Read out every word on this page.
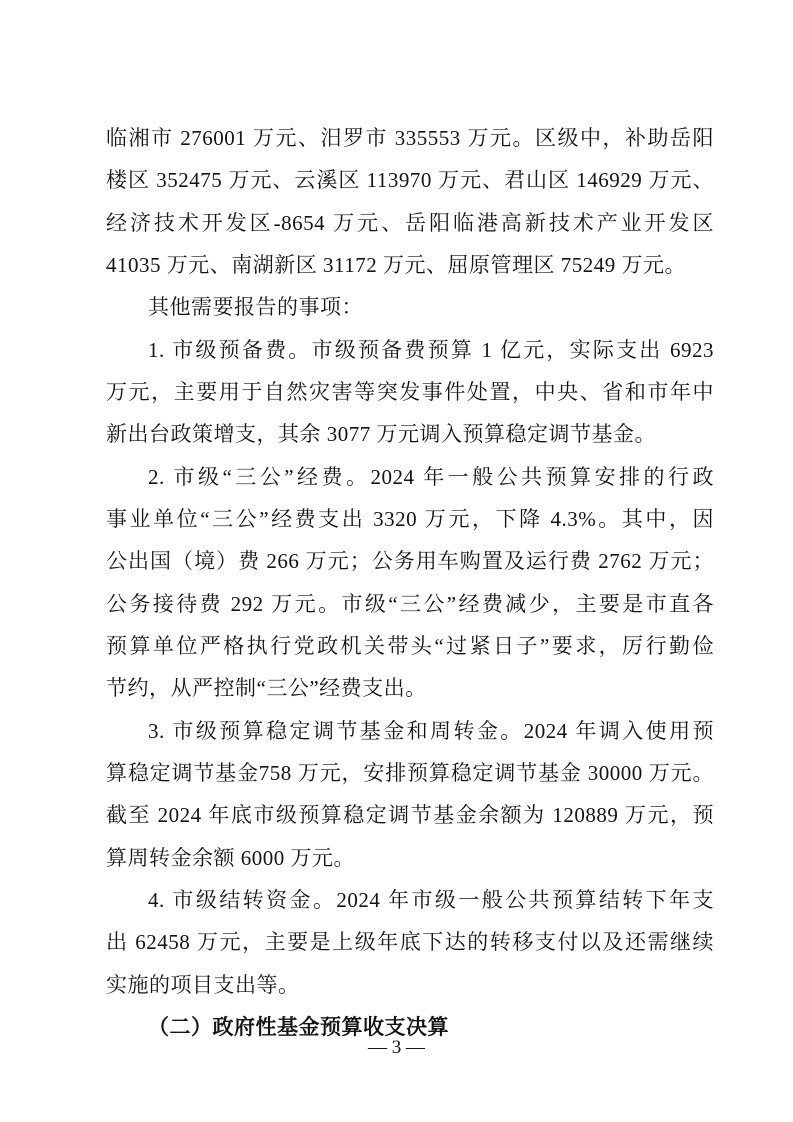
临湘市 276001 万元、汨罗市 335553 万元。区级中，补助岳阳
楼区 352475 万元、云溪区 113970 万元、君山区 146929 万元、
经济技术开发区-8654 万元、岳阳临港高新技术产业开发区
41035 万元、南湖新区 31172 万元、屈原管理区 75249 万元。
其他需要报告的事项：
1. 市级预备费。市级预备费预算 1 亿元，实际支出 6923
万元，主要用于自然灾害等突发事件处置，中央、省和市年中
新出台政策增支，其余 3077 万元调入预算稳定调节基金。
2. 市级“三公”经费。2024 年一般公共预算安排的行政
事业单位“三公”经费支出 3320 万元，下降 4.3%。其中，因
公出国（境）费 266 万元；公务用车购置及运行费 2762 万元；
公务接待费 292 万元。市级“三公”经费减少，主要是市直各
预算单位严格执行党政机关带头“过紧日子”要求，厉行勤俭
节约，从严控制“三公”经费支出。
3. 市级预算稳定调节基金和周转金。2024 年调入使用预
算稳定调节基金758 万元，安排预算稳定调节基金 30000 万元。
截至 2024 年底市级预算稳定调节基金余额为 120889 万元，预
算周转金余额 6000 万元。
4. 市级结转资金。2024 年市级一般公共预算结转下年支
出 62458 万元，主要是上级年底下达的转移支付以及还需继续
实施的项目支出等。
（二）政府性基金预算收支决算
— 3 —
